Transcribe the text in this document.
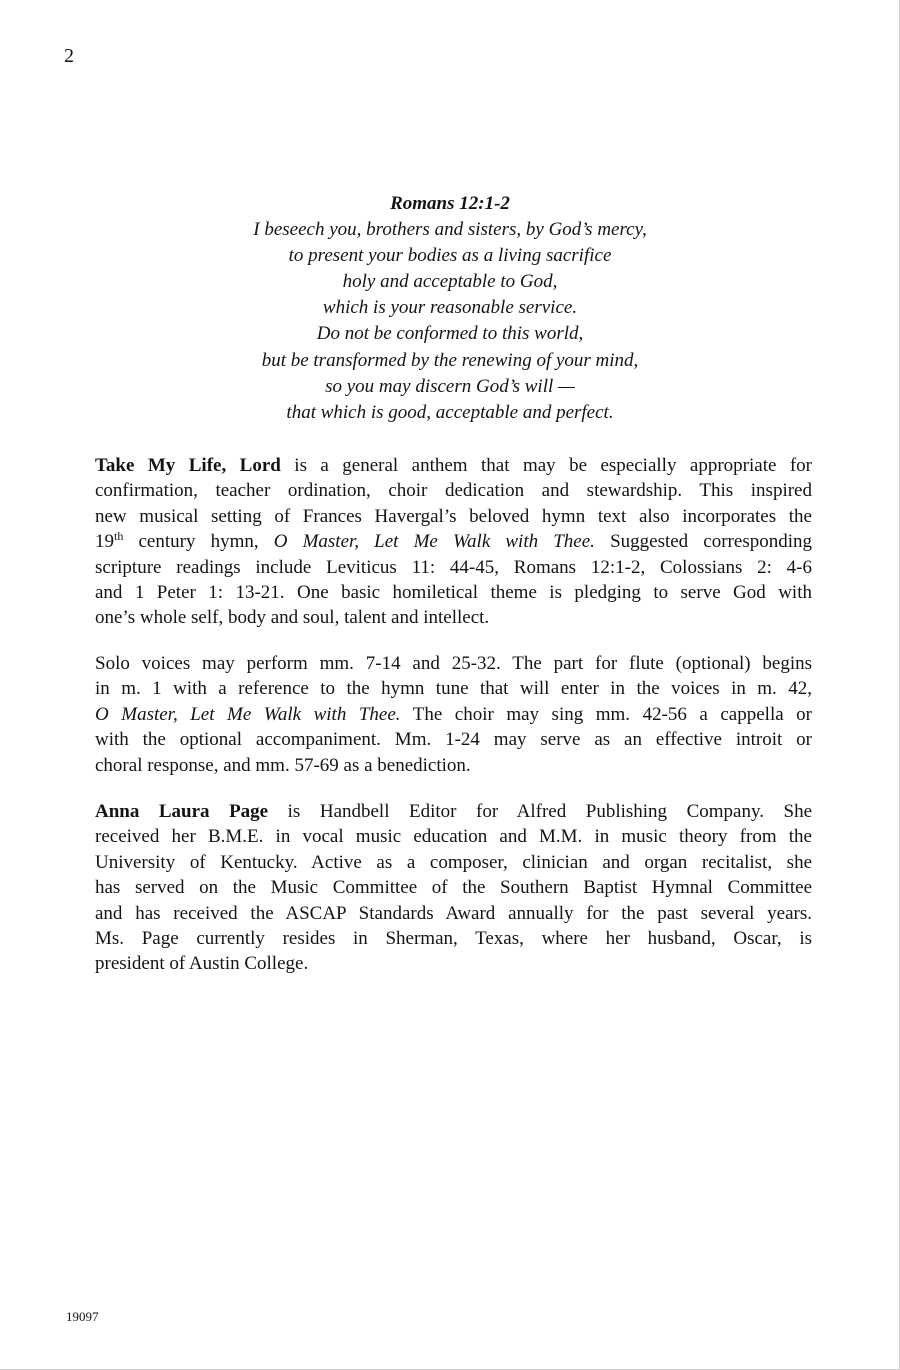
2
Romans 12:1-2
I beseech you, brothers and sisters, by God’s mercy,
to present your bodies as a living sacrifice
holy and acceptable to God,
which is your reasonable service.
Do not be conformed to this world,
but be transformed by the renewing of your mind,
so you may discern God’s will —
that which is good, acceptable and perfect.
Take My Life, Lord is a general anthem that may be especially appropriate for
confirmation, teacher ordination, choir dedication and stewardship. This inspired
new musical setting of Frances Havergal’s beloved hymn text also incorporates the
19th century hymn, O Master, Let Me Walk with Thee. Suggested corresponding
scripture readings include Leviticus 11: 44-45, Romans 12:1-2, Colossians 2: 4-6
and 1 Peter 1: 13-21. One basic homiletical theme is pledging to serve God with
one’s whole self, body and soul, talent and intellect.
Solo voices may perform mm. 7-14 and 25-32. The part for flute (optional) begins
in m. 1 with a reference to the hymn tune that will enter in the voices in m. 42,
O Master, Let Me Walk with Thee. The choir may sing mm. 42-56 a cappella or
with the optional accompaniment. Mm. 1-24 may serve as an effective introit or
choral response, and mm. 57-69 as a benediction.
Anna Laura Page is Handbell Editor for Alfred Publishing Company. She
received her B.M.E. in vocal music education and M.M. in music theory from the
University of Kentucky. Active as a composer, clinician and organ recitalist, she
has served on the Music Committee of the Southern Baptist Hymnal Committee
and has received the ASCAP Standards Award annually for the past several years.
Ms. Page currently resides in Sherman, Texas, where her husband, Oscar, is
president of Austin College.
19097
